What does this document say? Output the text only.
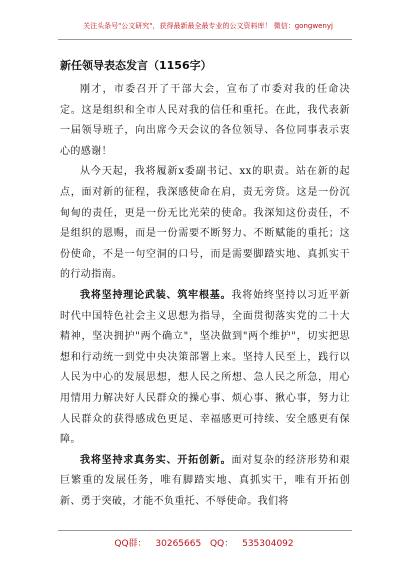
关注头条号"公文研究"，获得最新最全最专业的公文资料库！ 微信：gongwenyj
新任领导表态发言（1156字）

刚才，市委召开了干部大会，宣布了市委对我的任命决定。这是组织和全市人民对我的信任和重托。在此，我代表新一届领导班子，向出席今天会议的各位领导、各位同事表示衷心的感谢！

从今天起，我将履新x委副书记、xx的职责。站在新的起点，面对新的征程，我深感使命在肩，责无旁贷。这是一份沉甸甸的责任，更是一份无比光荣的使命。我深知这份责任，不是组织的恩赐，而是一份需要不断努力、不断赋能的重托；这份使命，不是一句空洞的口号，而是需要脚踏实地、真抓实干的行动指南。

我将坚持理论武装、筑牢根基。我将始终坚持以习近平新时代中国特色社会主义思想为指导，全面贯彻落实党的二十大精神，坚决拥护"两个确立"，坚决做到"两个维护"，切实把思想和行动统一到党中央决策部署上来。坚持人民至上，践行以人民为中心的发展思想，想人民之所想、急人民之所急，用心用情用力解决好人民群众的操心事、烦心事、揪心事，努力让人民群众的获得感成色更足、幸福感更可持续、安全感更有保障。

我将坚持求真务实、开拓创新。面对复杂的经济形势和艰巨繁重的发展任务，唯有脚踏实地、真抓实干，唯有开拓创新、勇于突破，才能不负重托、不辱使命。我们将

QQ群： 30265665 QQ： 535304092
